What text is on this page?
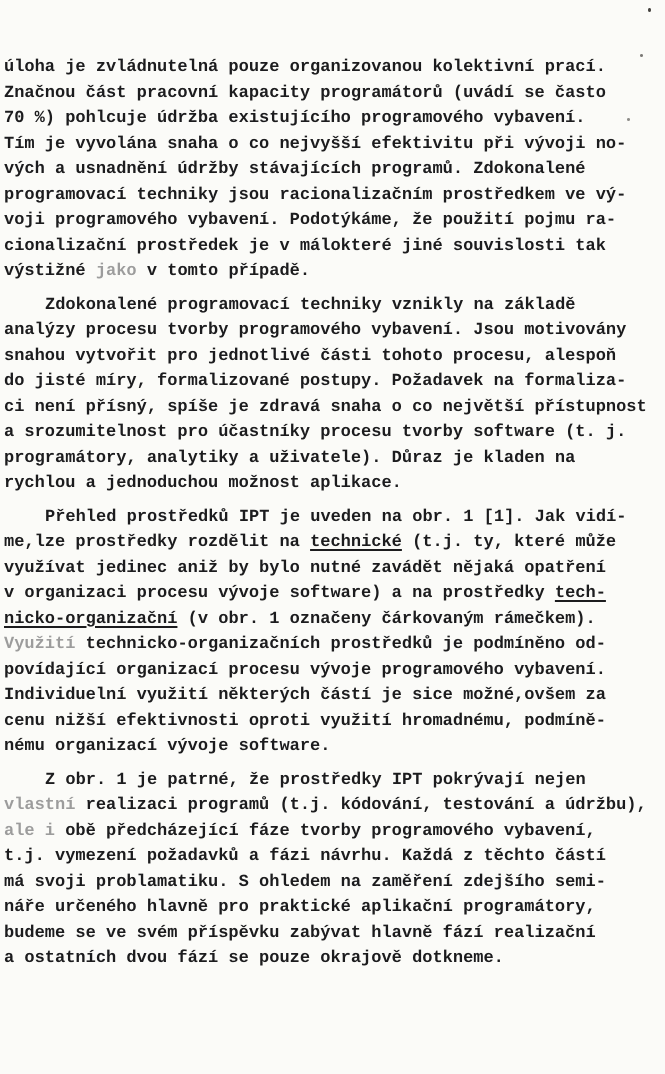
úloha je zvládnutelná pouze organizovanou kolektivní prací.
Značnou část pracovní kapacity programátorů (uvádí se často
70 %) pohlcuje údržba existujícího programového vybavení.
Tím je vyvolána snaha o co nejvyšší efektivitu při vývoji no-
vých a usnadnění údržby stávajících programů. Zdokonalené
programovací techniky jsou racionalizačním prostředkem ve vý-
voji programového vybavení. Podotýkáme, že použití pojmu ra-
cionalizační prostředek je v málokteré jiné souvislosti tak
výstižné jako v tomto případě.
Zdokonalené programovací techniky vznikly na základě
analýzy procesu tvorby programového vybavení. Jsou motivovány
snahou vytvořit pro jednotlivé části tohoto procesu, alespoň
do jisté míry, formalizované postupy. Požadavek na formaliza-
ci není přísný, spíše je zdravá snaha o co největší přístupnost
a srozumitelnost pro účastníky procesu tvorby software (t. j.
programátory, analytiky a uživatele). Důraz je kladen na
rychlou a jednoduchou možnost aplikace.
Přehled prostředků IPT je uveden na obr. 1 [1]. Jak vidí-
me,lze prostředky rozdělit na technické (t.j. ty, které může
využívat jedinec aniž by bylo nutné zavádět nějaká opatření
v organizaci procesu vývoje software) a na prostředky tech-
nicko-organizační (v obr. 1 označeny čárkovaným rámečkem).
Využití technicko-organizačních prostředků je podmíněno od-
povídající organizací procesu vývoje programového vybavení.
Individuelní využití některých částí je sice možné,ovšem za
cenu nižší efektivnosti oproti využití hromadnému, podmíně-
nému organizací vývoje software.
Z obr. 1 je patrné, že prostředky IPT pokrývají nejen
vlastní realizaci programů (t.j. kódování, testování a údržbu),
ale i obě předcházející fáze tvorby programového vybavení,
t.j. vymezení požadavků a fázi návrhu. Každá z těchto částí
má svoji problamatiku. S ohledem na zaměření zdejšího semi-
náře určeného hlavně pro praktické aplikační programátory,
budeme se ve svém příspěvku zabývat hlavně fází realizační
a ostatních dvou fází se pouze okrajově dotkneme.
